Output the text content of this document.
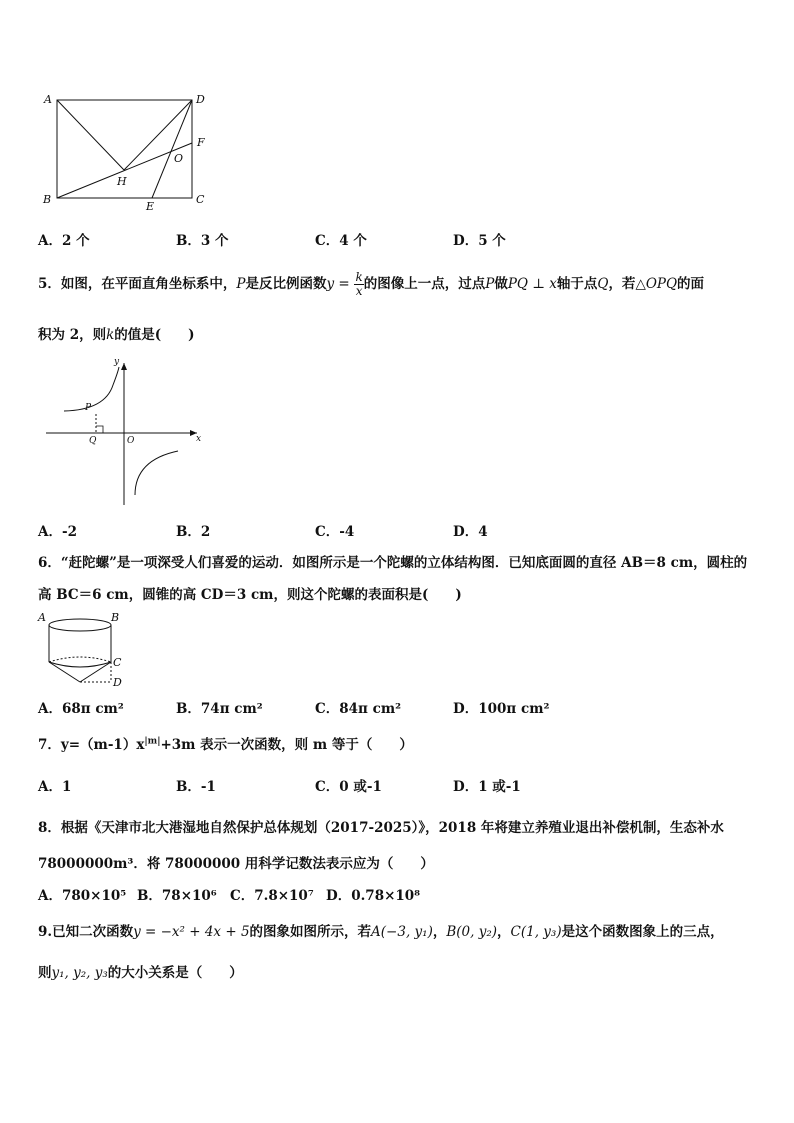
A	D
F
O
H
B
E
C
A．2 个	B．3 个	C．4 个	D．5 个
5．如图，在平面直角坐标系中，P是反比例函数$y = \frac{k}{x}$ 的图像上一点，过点P做PQ ⊥ x轴于点Q，若△OPQ的面
积为 2，则k的值是(　　)
y
x
P
Q	O
A．-2	B．2	C．-4	D．4
6．“赶陀螺”是一项深受人们喜爱的运动．如图所示是一个陀螺的立体结构图．已知底面圆的直径 AB＝8 cm，圆柱的
高 BC＝6 cm，圆锥的高 CD＝3 cm，则这个陀螺的表面积是(　　)
A	B
C
D
A．68π cm²	B．74π cm²	C．84π cm²	D．100π cm²
7．$y=(m-1)x^{|m|}+3m$ 表示一次函数，则 m 等于（　　）
A．1	B．-1	C．0 或-1	D．1 或-1
8．根据《天津市北大港湿地自然保护总体规划（2017-2025）》，2018 年将建立养殖业退出补偿机制，生态补水
78000000m³．将 78000000 用科学记数法表示应为（　　）
A．780×10⁵ B．78×10⁶ C．7.8×10⁷ D．0.78×10⁸
9.已知二次函数y = −x² + 4x + 5的图象如图所示，若A(−3, y₁)，B(0, y₂)，C(1, y₃)是这个函数图象上的三点，
则y₁, y₂, y₃的大小关系是（　　）
